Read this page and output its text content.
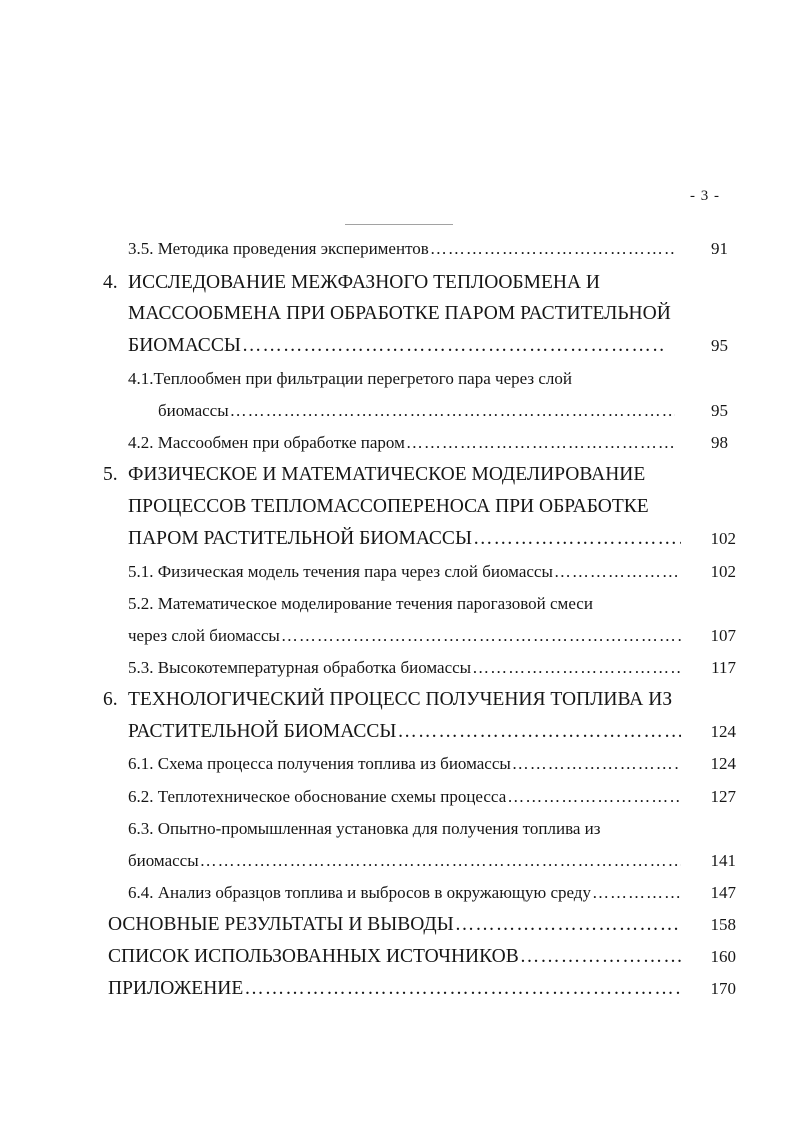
- 3 -
3.5. Методика проведения экспериментов ………………………………………………………………………………………………………………………………………………	91
4. ИССЛЕДОВАНИЕ МЕЖФАЗНОГО ТЕПЛООБМЕНА И
МАССООБМЕНА ПРИ ОБРАБОТКЕ ПАРОМ РАСТИТЕЛЬНОЙ
БИОМАССЫ ………………………………………………………………………………………………………………………………………………	95
4.1.Теплообмен при фильтрации перегретого пара через слой
биомассы ………………………………………………………………………………………………………………………………………………	95
4.2. Массообмен при обработке паром ………………………………………………………………………………………………………………………………………………	98
5. ФИЗИЧЕСКОЕ И МАТЕМАТИЧЕСКОЕ МОДЕЛИРОВАНИЕ
ПРОЦЕССОВ ТЕПЛОМАССОПЕРЕНОСА ПРИ ОБРАБОТКЕ
ПАРОМ РАСТИТЕЛЬНОЙ БИОМАССЫ ………………………………………………………………………………………………………………………………………………	102
5.1. Физическая модель течения пара через слой биомассы ………………………………………………………………………………………………………………………………………………	102
5.2. Математическое моделирование течения парогазовой смеси
через слой биомассы ………………………………………………………………………………………………………………………………………………	107
5.3. Высокотемпературная обработка биомассы ………………………………………………………………………………………………………………………………………………	117
6. ТЕХНОЛОГИЧЕСКИЙ ПРОЦЕСС ПОЛУЧЕНИЯ ТОПЛИВА ИЗ
РАСТИТЕЛЬНОЙ БИОМАССЫ ………………………………………………………………………………………………………………………………………………	124
6.1. Схема процесса получения топлива из биомассы ………………………………………………………………………………………………………………………………………………	124
6.2. Теплотехническое обоснование схемы процесса ………………………………………………………………………………………………………………………………………………	127
6.3. Опытно-промышленная установка для получения топлива из
биомассы ………………………………………………………………………………………………………………………………………………	141
6.4. Анализ образцов топлива и выбросов в окружающую среду ………………………………………………………………………………………………………………………………………………	147
ОСНОВНЫЕ РЕЗУЛЬТАТЫ И ВЫВОДЫ ………………………………………………………………………………………………………………………………………………	158
СПИСОК ИСПОЛЬЗОВАННЫХ ИСТОЧНИКОВ ………………………………………………………………………………………………………………………………………………	160
ПРИЛОЖЕНИЕ ………………………………………………………………………………………………………………………………………………	170
